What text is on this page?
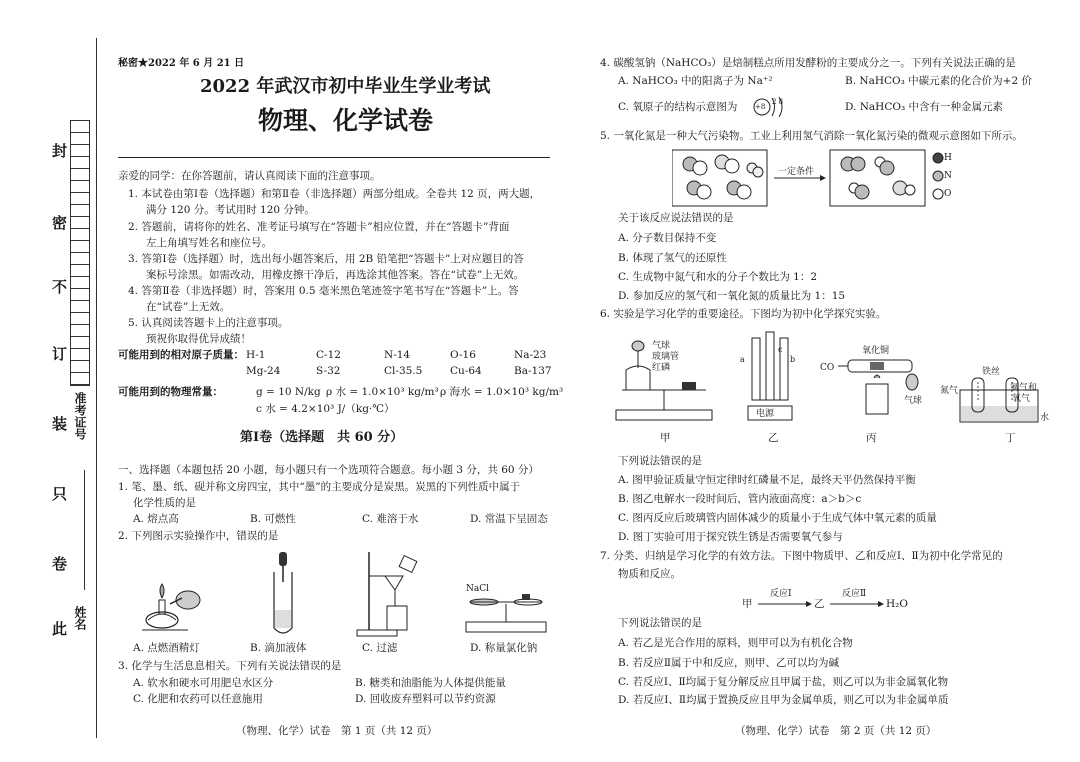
封
密
不
订
装
只
卷
此
准考证号
姓名
秘密★2022 年 6 月 21 日
2022 年武汉市初中毕业生学业考试
物理、化学试卷
亲爱的同学：在你答题前，请认真阅读下面的注意事项。
1. 本试卷由第Ⅰ卷（选择题）和第Ⅱ卷（非选择题）两部分组成。全卷共 12 页，两大题，
满分 120 分。考试用时 120 分钟。
2. 答题前，请将你的姓名、准考证号填写在“答题卡”相应位置，并在“答题卡”背面
左上角填写姓名和座位号。
3. 答第Ⅰ卷（选择题）时，选出每小题答案后，用 2B 铅笔把“答题卡”上对应题目的答
案标号涂黑。如需改动，用橡皮擦干净后，再选涂其他答案。答在“试卷”上无效。
4. 答第Ⅱ卷（非选择题）时，答案用 0.5 毫米黑色笔迹签字笔书写在“答题卡”上。答
在“试卷”上无效。
5. 认真阅读答题卡上的注意事项。
预祝你取得优异成绩！
可能用到的相对原子质量： H-1	C-12	N-14	O-16	Na-23
Mg-24	S-32	Cl-35.5	Cu-64	Ba-137
可能用到的物理常量：	g = 10 N/kg ρ 水 = 1.0×10³ kg/m³ ρ 海水 = 1.0×10³ kg/m³
c 水 = 4.2×10³ J/（kg·℃）
第Ⅰ卷（选择题　共 60 分）
一、选择题（本题包括 20 小题，每小题只有一个选项符合题意。每小题 3 分，共 60 分）
1. 笔、墨、纸、砚并称文房四宝，其中“墨”的主要成分是炭黑。炭黑的下列性质中属于
化学性质的是
A. 熔点高	B. 可燃性	C. 难溶于水	D. 常温下呈固态
2. 下列图示实验操作中，错误的是
NaCl
A. 点燃酒精灯	B. 滴加液体	C. 过滤	D. 称量氯化钠
3. 化学与生活息息相关。下列有关说法错误的是
A. 软水和硬水可用肥皂水区分	B. 糖类和油脂能为人体提供能量
C. 化肥和农药可以任意施用	D. 回收废弃塑料可以节约资源
（物理、化学）试卷　第 1 页（共 12 页）
4. 碳酸氢钠（NaHCO₃）是焙制糕点所用发酵粉的主要成分之一。下列有关说法正确的是
A. NaHCO₃ 中的阳离子为 Na⁺²	B. NaHCO₃ 中碳元素的化合价为+2 价
C. 氧原子的结构示意图为	+8
2 8	D. NaHCO₃ 中含有一种金属元素
5. 一氧化氮是一种大气污染物。工业上利用氢气消除一氧化氮污染的微观示意图如下所示。
一定条件
H
N
O
关于该反应说法错误的是
A. 分子数目保持不变
B. 体现了氢气的还原性
C. 生成物中氮气和水的分子个数比为 1：2
D. 参加反应的氢气和一氧化氮的质量比为 1：15
6. 实验是学习化学的重要途径。下图均为初中化学探究实验。
气球
玻璃管
红磷
甲
a	b
c
电源
乙
CO
氧化铜
气球
丙
铁丝
氮气	氮气和
氧气
水
丁
下列说法错误的是
A. 图甲验证质量守恒定律时红磷量不足，最终天平仍然保持平衡
B. 图乙电解水一段时间后，管内液面高度：a＞b＞c
C. 图丙反应后玻璃管内固体减少的质量小于生成气体中氧元素的质量
D. 图丁实验可用于探究铁生锈是否需要氧气参与
7. 分类、归纳是学习化学的有效方法。下图中物质甲、乙和反应Ⅰ、Ⅱ为初中化学常见的
物质和反应。
甲
反应Ⅰ
乙
反应Ⅱ
H₂O
下列说法错误的是
A. 若乙是光合作用的原料，则甲可以为有机化合物
B. 若反应Ⅱ属于中和反应，则甲、乙可以均为碱
C. 若反应Ⅰ、Ⅱ均属于复分解反应且甲属于盐，则乙可以为非金属氧化物
D. 若反应Ⅰ、Ⅱ均属于置换反应且甲为金属单质，则乙可以为非金属单质
（物理、化学）试卷　第 2 页（共 12 页）
